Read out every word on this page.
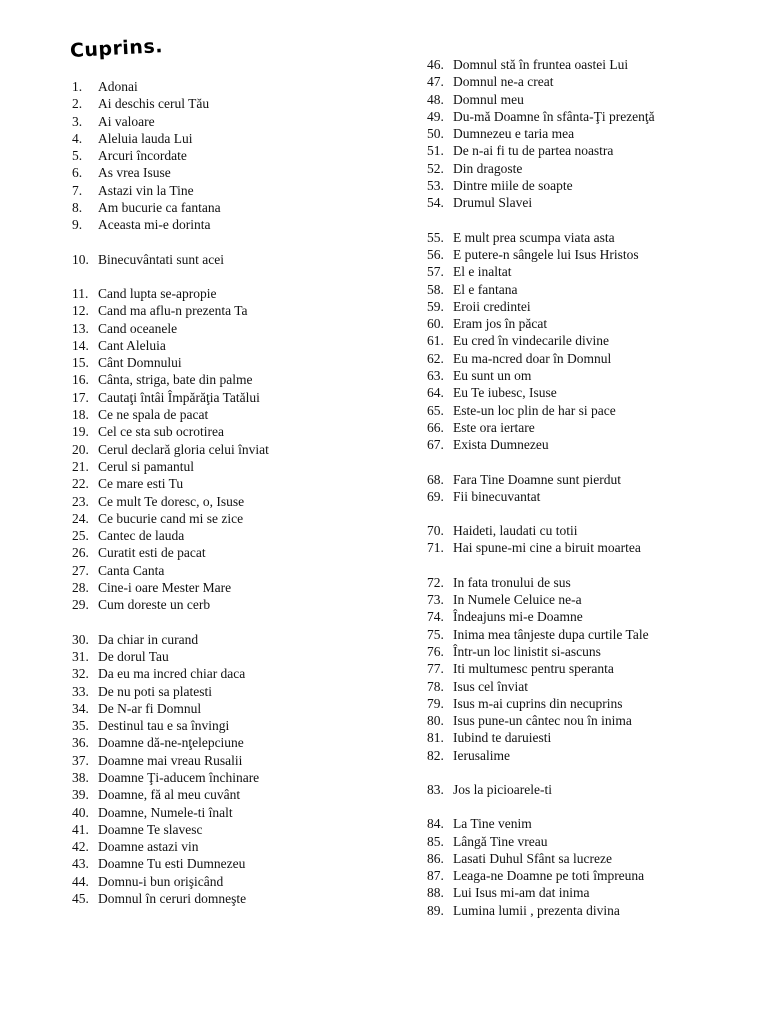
Cuprins.
1.	Adonai
2.	Ai deschis cerul Tău
3.	Ai valoare
4.	Aleluia lauda Lui
5.	Arcuri încordate
6.	As vrea Isuse
7.	Astazi vin la Tine
8.	Am bucurie ca fantana
9.	Aceasta mi-e dorinta
10. Binecuvântati sunt acei
11. Cand lupta se-apropie
12. Cand ma aflu-n prezenta Ta
13. Cand oceanele
14. Cant Aleluia
15. Cânt Domnului
16. Cânta, striga, bate din palme
17. Cautaţi întâi Împărăţia Tatălui
18. Ce ne spala de pacat
19. Cel ce sta sub ocrotirea
20. Cerul declară gloria celui înviat
21. Cerul si pamantul
22. Ce mare esti Tu
23. Ce mult Te doresc, o, Isuse
24. Ce bucurie cand mi se zice
25. Cantec de lauda
26. Curatit esti de pacat
27. Canta Canta
28. Cine-i oare Mester Mare
29. Cum doreste un cerb
30. Da chiar in curand
31. De dorul Tau
32. Da eu ma incred chiar daca
33. De nu poti sa platesti
34. De N-ar fi Domnul
35. Destinul tau e sa învingi
36. Doamne dă-ne-nţelepciune
37. Doamne mai vreau Rusalii
38. Doamne Ţi-aducem închinare
39. Doamne, fă al meu cuvânt
40. Doamne, Numele-ti înalt
41. Doamne Te slavesc
42. Doamne astazi vin
43. Doamne Tu esti Dumnezeu
44. Domnu-i bun orişicând
45. Domnul în ceruri domneşte
46. Domnul stă în fruntea oastei Lui
47. Domnul ne-a creat
48. Domnul meu
49. Du-mă Doamne în sfânta-Ţi prezenţă
50. Dumnezeu e taria mea
51. De n-ai fi tu de partea noastra
52. Din dragoste
53. Dintre miile de soapte
54. Drumul Slavei
55. E mult prea scumpa viata asta
56. E putere-n sângele lui Isus Hristos
57. El e inaltat
58. El e fantana
59. Eroii credintei
60. Eram jos în păcat
61. Eu cred în vindecarile divine
62. Eu ma-ncred doar în Domnul
63. Eu sunt un om
64. Eu Te iubesc, Isuse
65. Este-un loc plin de har si pace
66. Este ora iertare
67. Exista Dumnezeu
68. Fara Tine Doamne sunt pierdut
69. Fii binecuvantat
70. Haideti, laudati cu totii
71. Hai spune-mi cine a biruit moartea
72. In fata tronului de sus
73. In Numele Celuice ne-a
74. Îndeajuns mi-e Doamne
75. Inima mea tânjeste dupa curtile Tale
76. Într-un loc linistit si-ascuns
77. Iti multumesc pentru speranta
78. Isus cel înviat
79. Isus m-ai cuprins din necuprins
80. Isus pune-un cântec nou în inima
81. Iubind te daruiesti
82. Ierusalime
83. Jos la picioarele-ti
84. La Tine venim
85. Lângă Tine vreau
86. Lasati Duhul Sfânt sa lucreze
87. Leaga-ne Doamne pe toti împreuna
88. Lui Isus mi-am dat inima
89. Lumina lumii , prezenta divina
